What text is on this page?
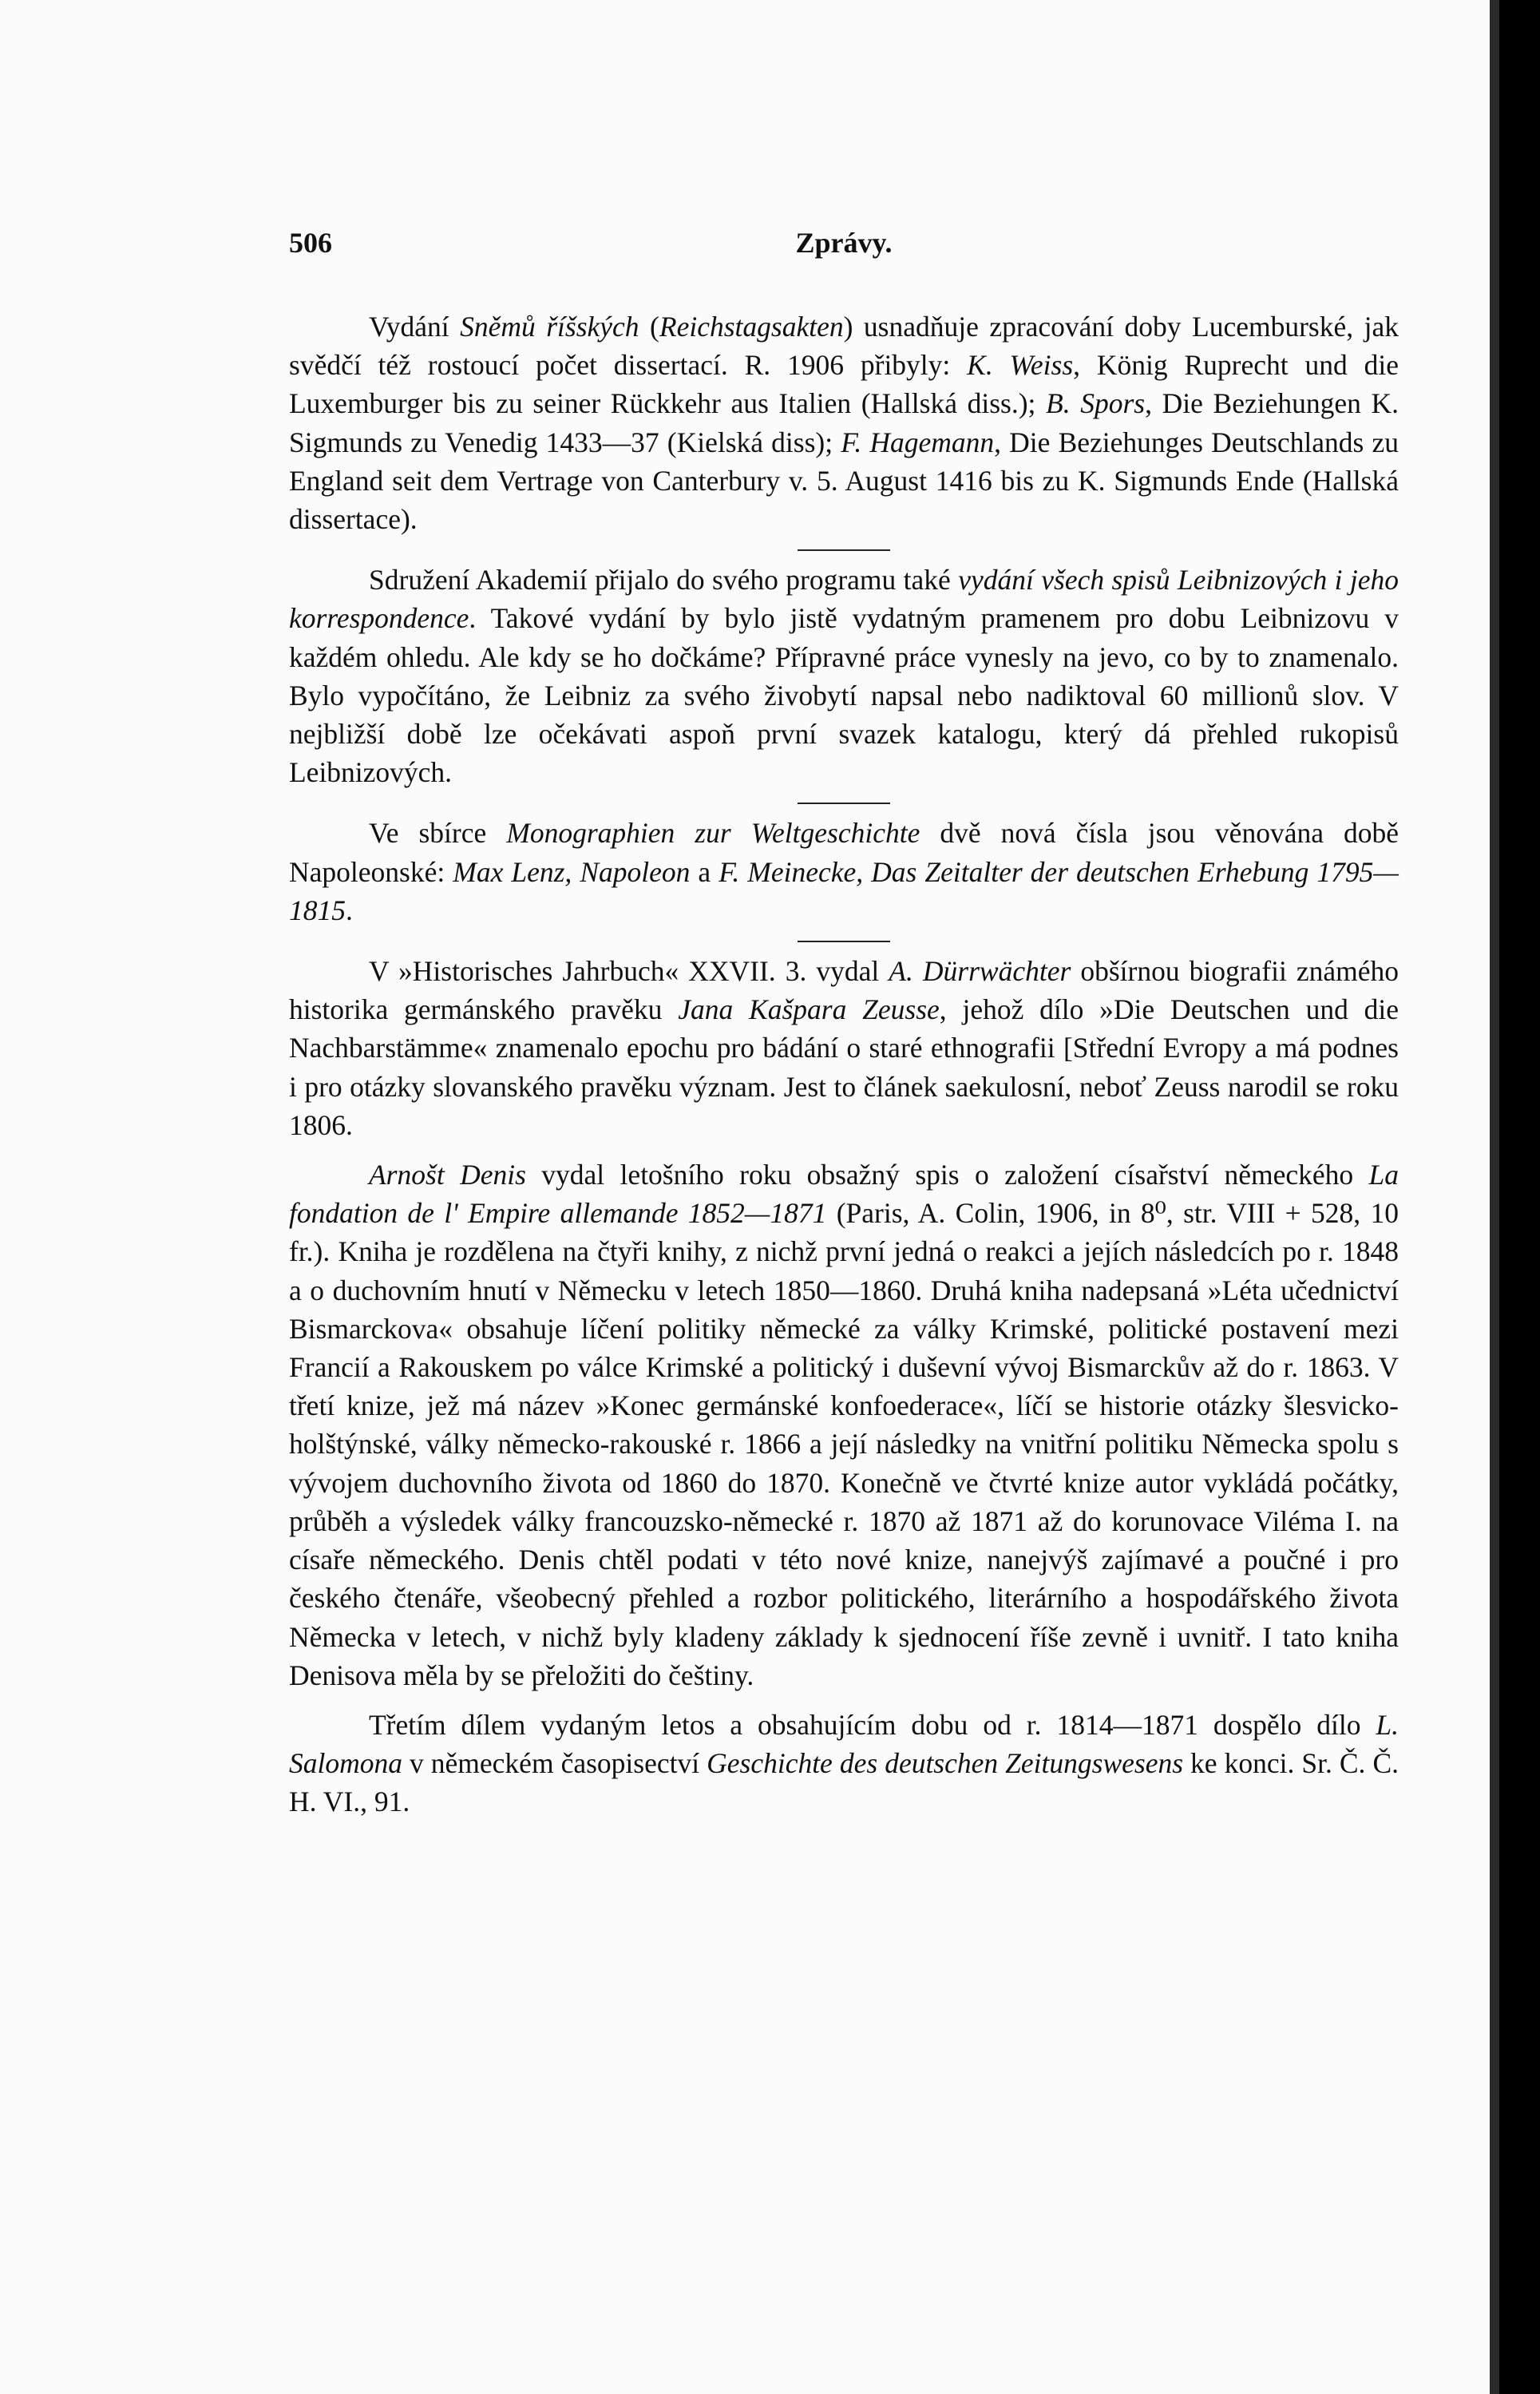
506	Zprávy.

Vydání Sněmů říšských (Reichstagsakten) usnadňuje zpracování doby Lucemburské, jak svědčí též rostoucí počet dissertací. R. 1906 přibyly: K. Weiss, König Ruprecht und die Luxemburger bis zu seiner Rückkehr aus Italien (Hallská diss.); B. Spors, Die Beziehungen K. Sigmunds zu Venedig 1433—37 (Kielská diss); F. Hagemann, Die Beziehunges Deutschlands zu England seit dem Vertrage von Canterbury v. 5. August 1416 bis zu K. Sigmunds Ende (Hallská dissertace).

Sdružení Akademií přijalo do svého programu také vydání všech spisů Leibnizových i jeho korrespondence. Takové vydání by bylo jistě vydatným pramenem pro dobu Leibnizovu v každém ohledu. Ale kdy se ho dočkáme? Přípravné práce vynesly na jevo, co by to znamenalo. Bylo vypočítáno, že Leibniz za svého živobytí napsal nebo nadiktoval 60 millionů slov. V nejbližší době lze očekávati aspoň první svazek katalogu, který dá přehled rukopisů Leibnizových.

Ve sbírce Monographien zur Weltgeschichte dvě nová čísla jsou věnována době Napoleonské: Max Lenz, Napoleon a F. Meinecke, Das Zeitalter der deutschen Erhebung 1795—1815.

V »Historisches Jahrbuch« XXVII. 3. vydal A. Dürrwächter obšírnou biografii známého historika germánského pravěku Jana Kašpara Zeusse, jehož dílo »Die Deutschen und die Nachbarstämme« znamenalo epochu pro bádání o staré ethnografii [Střední Evropy a má podnes i pro otázky slovanského pravěku význam. Jest to článek saekulosní, neboť Zeuss narodil se roku 1806.

Arnošt Denis vydal letošního roku obsažný spis o založení císařství německého La fondation de l' Empire allemande 1852—1871 (Paris, A. Colin, 1906, in 8⁰, str. VIII + 528, 10 fr.). Kniha je rozdělena na čtyři knihy, z nichž první jedná o reakci a jejích následcích po r. 1848 a o duchovním hnutí v Německu v letech 1850—1860. Druhá kniha nadepsaná »Léta učednictví Bismarckova« obsahuje líčení politiky německé za války Krimské, politické postavení mezi Francií a Rakouskem po válce Krimské a politický i duševní vývoj Bismarckův až do r. 1863. V třetí knize, jež má název »Konec germánské konfoederace«, líčí se historie otázky šlesvicko-holštýnské, války německo-rakouské r. 1866 a její následky na vnitřní politiku Německa spolu s vývojem duchovního života od 1860 do 1870. Konečně ve čtvrté knize autor vykládá počátky, průběh a výsledek války francouzsko-německé r. 1870 až 1871 až do korunovace Viléma I. na císaře německého. Denis chtěl podati v této nové knize, nanejvýš zajímavé a poučné i pro českého čtenáře, všeobecný přehled a rozbor politického, literárního a hospodářského života Německa v letech, v nichž byly kladeny základy k sjednocení říše zevně i uvnitř. I tato kniha Denisova měla by se přeložiti do češtiny.

Třetím dílem vydaným letos a obsahujícím dobu od r. 1814—1871 dospělo dílo L. Salomona v německém časopisectví Geschichte des deutschen Zeitungswesens ke konci. Sr. Č. Č. H. VI., 91.
